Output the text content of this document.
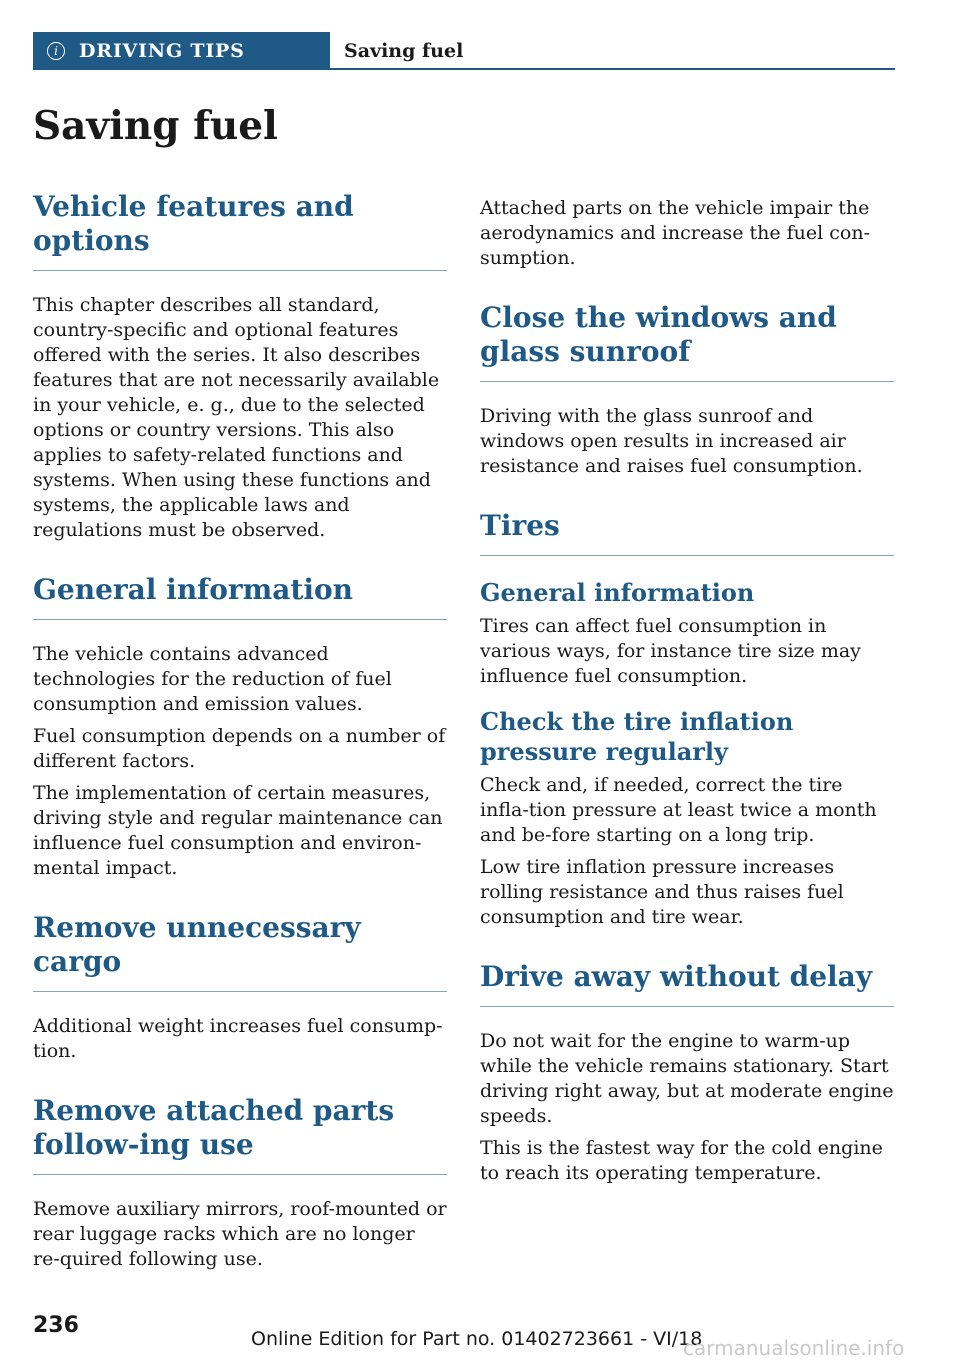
i	DRIVING TIPS	Saving fuel
Saving fuel
Vehicle features and options

This chapter describes all standard, country-specific and optional features offered with the series. It also describes features that are not necessarily available in your vehicle, e. g., due to the selected options or country versions. This also applies to safety-related functions and systems. When using these functions and systems, the applicable laws and regulations must be observed.

General information

The vehicle contains advanced technologies for the reduction of fuel consumption and emission values.

Fuel consumption depends on a number of different factors.

The implementation of certain measures, driving style and regular maintenance can influence fuel consumption and environ-mental impact.

Remove unnecessary cargo

Additional weight increases fuel consump-tion.

Remove attached parts follow-ing use

Remove auxiliary mirrors, roof-mounted or rear luggage racks which are no longer re-quired following use.

Attached parts on the vehicle impair the aerodynamics and increase the fuel con-sumption.

Close the windows and glass sunroof

Driving with the glass sunroof and windows open results in increased air resistance and raises fuel consumption.

Tires
General information

Tires can affect fuel consumption in various ways, for instance tire size may influence fuel consumption.

Check the tire inflation pressure regularly

Check and, if needed, correct the tire infla-tion pressure at least twice a month and be-fore starting on a long trip.

Low tire inflation pressure increases rolling resistance and thus raises fuel consumption and tire wear.

Drive away without delay

Do not wait for the engine to warm-up while the vehicle remains stationary. Start driving right away, but at moderate engine speeds.

This is the fastest way for the cold engine to reach its operating temperature.

236
Online Edition for Part no. 01402723661 - VI/18
carmanualsonline.info
